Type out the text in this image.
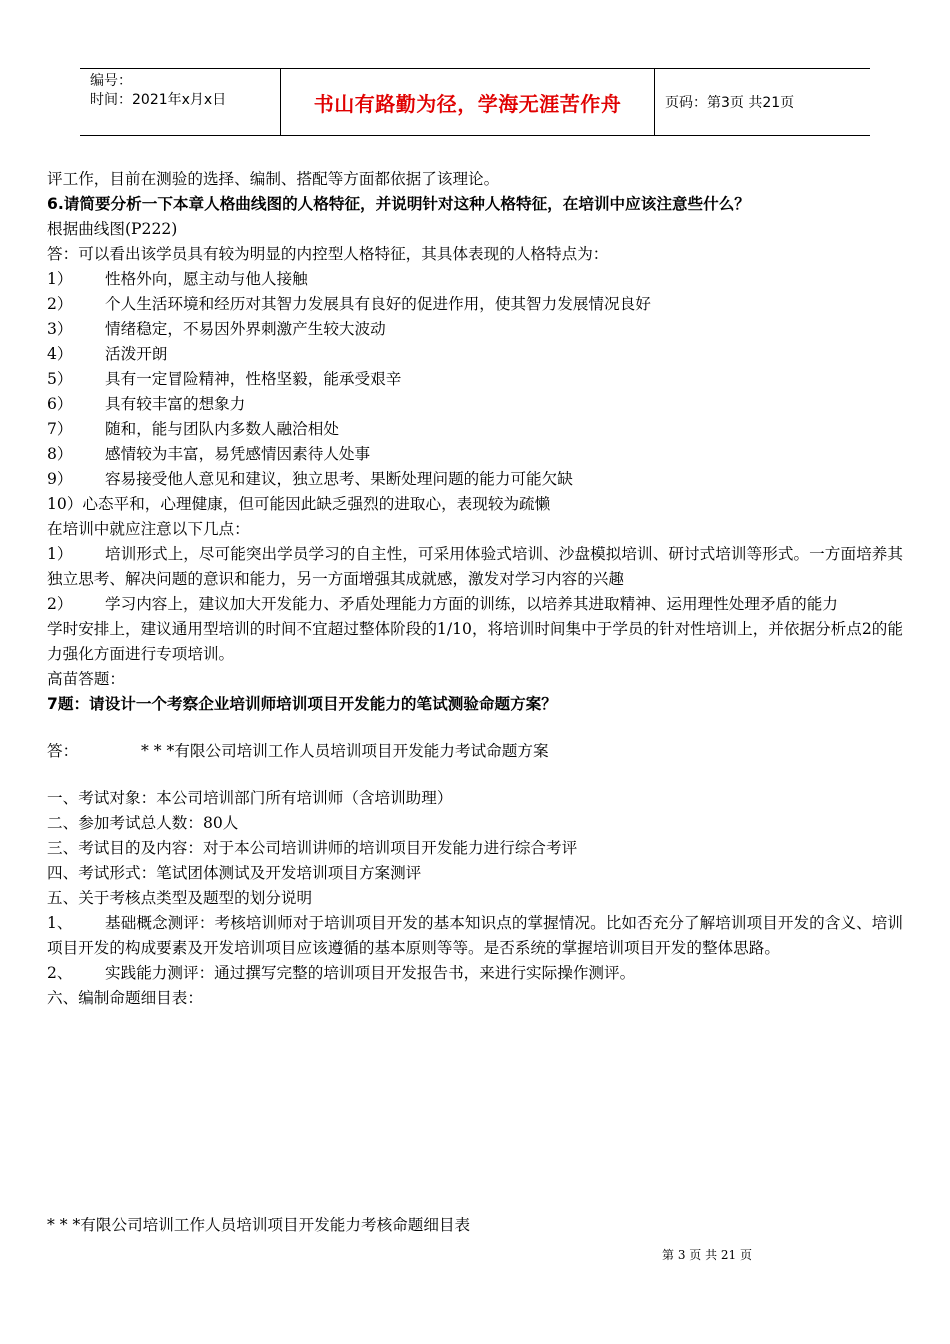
编号：
时间：2021年x月x日	书山有路勤为径，学海无涯苦作舟	页码：第3页 共21页
评工作，目前在测验的选择、编制、搭配等方面都依据了该理论。
6.请简要分析一下本章人格曲线图的人格特征，并说明针对这种人格特征，在培训中应该注意些什么？
根据曲线图(P222)
答：可以看出该学员具有较为明显的内控型人格特征，其具体表现的人格特点为：
1） 性格外向，愿主动与他人接触
2） 个人生活环境和经历对其智力发展具有良好的促进作用，使其智力发展情况良好
3） 情绪稳定，不易因外界刺激产生较大波动
4） 活泼开朗
5） 具有一定冒险精神，性格坚毅，能承受艰辛
6） 具有较丰富的想象力
7） 随和，能与团队内多数人融洽相处
8） 感情较为丰富，易凭感情因素待人处事
9） 容易接受他人意见和建议，独立思考、果断处理问题的能力可能欠缺
10）心态平和，心理健康，但可能因此缺乏强烈的进取心，表现较为疏懒
在培训中就应注意以下几点：
1） 培训形式上，尽可能突出学员学习的自主性，可采用体验式培训、沙盘模拟培训、研讨式培训等形式。一方面培养其独立思考、解决问题的意识和能力，另一方面增强其成就感，激发对学习内容的兴趣
2） 学习内容上，建议加大开发能力、矛盾处理能力方面的训练，以培养其进取精神、运用理性处理矛盾的能力
学时安排上，建议通用型培训的时间不宜超过整体阶段的1/10，将培训时间集中于学员的针对性培训上，并依据分析点2的能力强化方面进行专项培训。
高苗答题：
7题：请设计一个考察企业培训师培训项目开发能力的笔试测验命题方案？
答：	* * *有限公司培训工作人员培训项目开发能力考试命题方案
一、考试对象：本公司培训部门所有培训师（含培训助理）
二、参加考试总人数：80人
三、考试目的及内容：对于本公司培训讲师的培训项目开发能力进行综合考评
四、考试形式：笔试团体测试及开发培训项目方案测评
五、关于考核点类型及题型的划分说明
1、 基础概念测评：考核培训师对于培训项目开发的基本知识点的掌握情况。比如否充分了解培训项目开发的含义、培训项目开发的构成要素及开发培训项目应该遵循的基本原则等等。是否系统的掌握培训项目开发的整体思路。
2、 实践能力测评：通过撰写完整的培训项目开发报告书，来进行实际操作测评。
六、编制命题细目表：
* * *有限公司培训工作人员培训项目开发能力考核命题细目表
第 3 页 共 21 页
